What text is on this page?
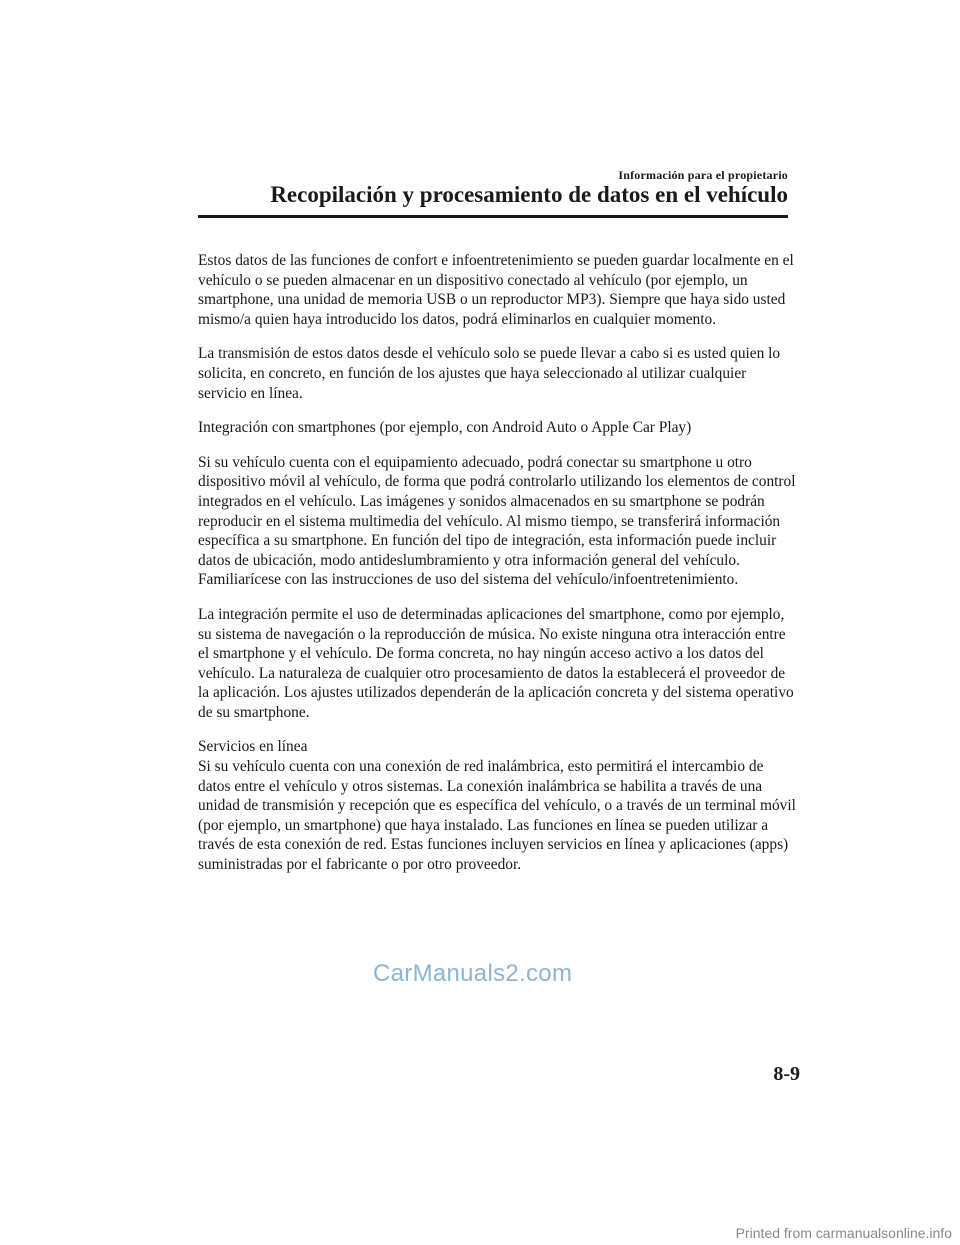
Información para el propietario
Recopilación y procesamiento de datos en el vehículo

Estos datos de las funciones de confort e infoentretenimiento se pueden guardar localmente en el vehículo o se pueden almacenar en un dispositivo conectado al vehículo (por ejemplo, un smartphone, una unidad de memoria USB o un reproductor MP3). Siempre que haya sido usted mismo/a quien haya introducido los datos, podrá eliminarlos en cualquier momento.

La transmisión de estos datos desde el vehículo solo se puede llevar a cabo si es usted quien lo solicita, en concreto, en función de los ajustes que haya seleccionado al utilizar cualquier servicio en línea.

Integración con smartphones (por ejemplo, con Android Auto o Apple Car Play)

Si su vehículo cuenta con el equipamiento adecuado, podrá conectar su smartphone u otro dispositivo móvil al vehículo, de forma que podrá controlarlo utilizando los elementos de control integrados en el vehículo. Las imágenes y sonidos almacenados en su smartphone se podrán reproducir en el sistema multimedia del vehículo. Al mismo tiempo, se transferirá información específica a su smartphone. En función del tipo de integración, esta información puede incluir datos de ubicación, modo antideslumbramiento y otra información general del vehículo. Familiarícese con las instrucciones de uso del sistema del vehículo/infoentretenimiento.

La integración permite el uso de determinadas aplicaciones del smartphone, como por ejemplo, su sistema de navegación o la reproducción de música. No existe ninguna otra interacción entre el smartphone y el vehículo. De forma concreta, no hay ningún acceso activo a los datos del vehículo. La naturaleza de cualquier otro procesamiento de datos la establecerá el proveedor de la aplicación. Los ajustes utilizados dependerán de la aplicación concreta y del sistema operativo de su smartphone.

Servicios en línea
Si su vehículo cuenta con una conexión de red inalámbrica, esto permitirá el intercambio de datos entre el vehículo y otros sistemas. La conexión inalámbrica se habilita a través de una unidad de transmisión y recepción que es específica del vehículo, o a través de un terminal móvil (por ejemplo, un smartphone) que haya instalado. Las funciones en línea se pueden utilizar a través de esta conexión de red. Estas funciones incluyen servicios en línea y aplicaciones (apps) suministradas por el fabricante o por otro proveedor.

CarManuals2.com
8-9
Printed from carmanualsonline.info
